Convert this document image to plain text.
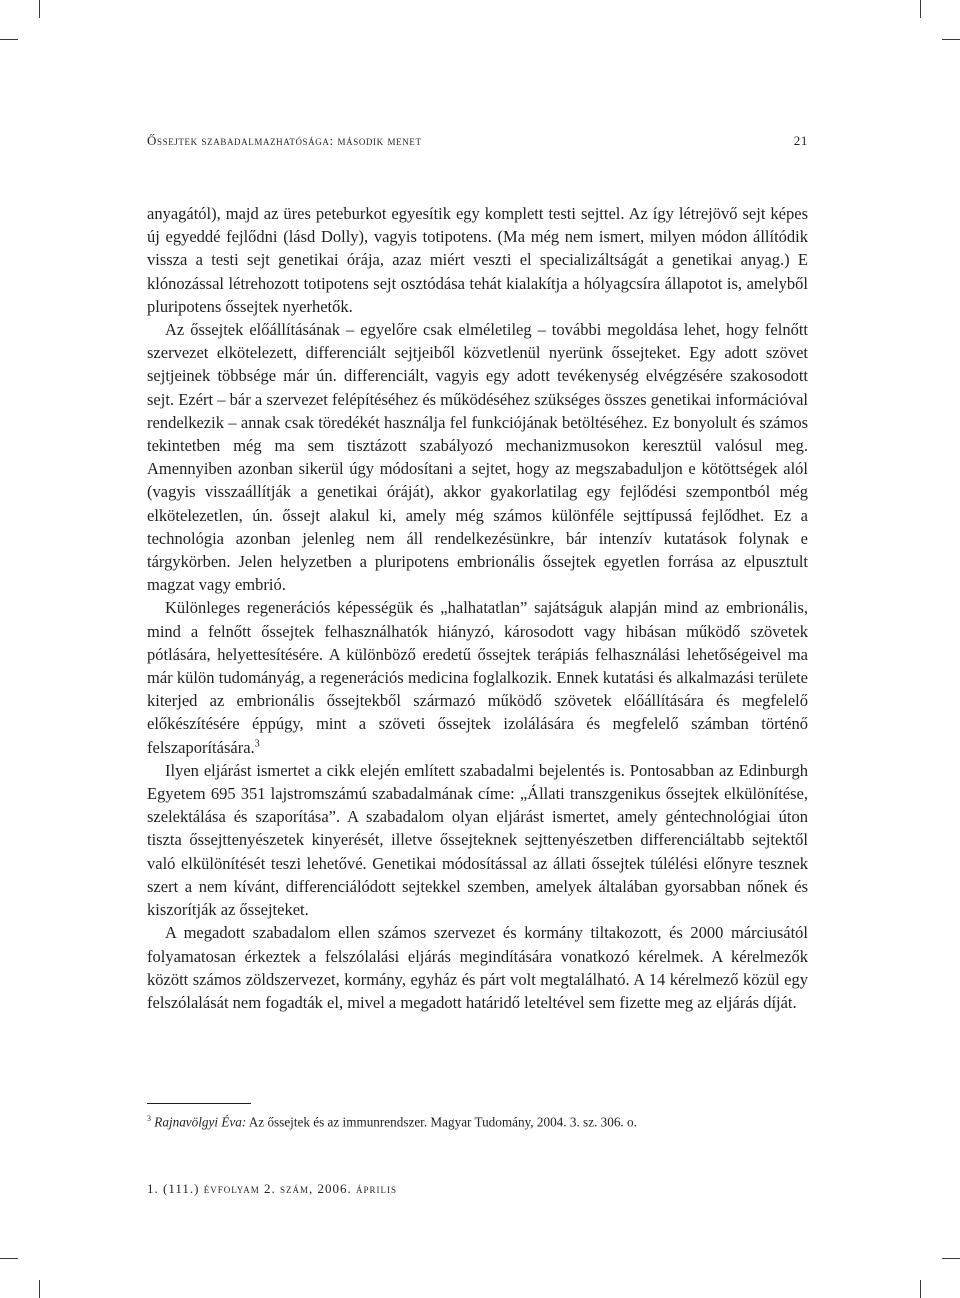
Őssejtek szabadalmazhatósága: második menet	21

anyagától), majd az üres peteburkot egyesítik egy komplett testi sejttel. Az így létrejövő sejt képes új egyeddé fejlődni (lásd Dolly), vagyis totipotens. (Ma még nem ismert, milyen módon állítódik vissza a testi sejt genetikai órája, azaz miért veszti el specializáltságát a genetikai anyag.) E klónozással létrehozott totipotens sejt osztódása tehát kialakítja a hólyagcsíra állapotot is, amelyből pluripotens őssejtek nyerhetők.

Az őssejtek előállításának – egyelőre csak elméletileg – további megoldása lehet, hogy felnőtt szervezet elkötelezett, differenciált sejtjeiből közvetlenül nyerünk őssejteket. Egy adott szövet sejtjeinek többsége már ún. differenciált, vagyis egy adott tevékenység elvégzésére szakosodott sejt. Ezért – bár a szervezet felépítéséhez és működéséhez szükséges összes genetikai információval rendelkezik – annak csak töredékét használja fel funkciójának betöltéséhez. Ez bonyolult és számos tekintetben még ma sem tisztázott szabályozó mechanizmusokon keresztül valósul meg. Amennyiben azonban sikerül úgy módosítani a sejtet, hogy az megszabaduljon e kötöttségek alól (vagyis visszaállítják a genetikai óráját), akkor gyakorlatilag egy fejlődési szempontból még elkötelezetlen, ún. őssejt alakul ki, amely még számos különféle sejttípussá fejlődhet. Ez a technológia azonban jelenleg nem áll rendelkezésünkre, bár intenzív kutatások folynak e tárgykörben. Jelen helyzetben a pluripotens embrionális őssejtek egyetlen forrása az elpusztult magzat vagy embrió.

Különleges regenerációs képességük és „halhatatlan” sajátságuk alapján mind az embrionális, mind a felnőtt őssejtek felhasználhatók hiányzó, károsodott vagy hibásan működő szövetek pótlására, helyettesítésére. A különböző eredetű őssejtek terápiás felhasználási lehetőségeivel ma már külön tudományág, a regenerációs medicina foglalkozik. Ennek kutatási és alkalmazási területe kiterjed az embrionális őssejtekből származó működő szövetek előállítására és megfelelő előkészítésére éppúgy, mint a szöveti őssejtek izolálására és megfelelő számban történő felszaporítására.$^3$

Ilyen eljárást ismertet a cikk elején említett szabadalmi bejelentés is. Pontosabban az Edinburgh Egyetem 695 351 lajstromszámú szabadalmának címe: „Állati transzgenikus őssejtek elkülönítése, szelektálása és szaporítása”. A szabadalom olyan eljárást ismertet, amely géntechnológiai úton tiszta őssejttenyészetek kinyerését, illetve őssejteknek sejttenyészetben differenciáltabb sejtektől való elkülönítését teszi lehetővé. Genetikai módosítással az állati őssejtek túlélési előnyre tesznek szert a nem kívánt, differenciálódott sejtekkel szemben, amelyek általában gyorsabban nőnek és kiszorítják az őssejteket.

A megadott szabadalom ellen számos szervezet és kormány tiltakozott, és 2000 márciusától folyamatosan érkeztek a felszólalási eljárás megindítására vonatkozó kérelmek. A kérelmezők között számos zöldszervezet, kormány, egyház és párt volt megtalálható. A 14 kérelmező közül egy felszólalását nem fogadták el, mivel a megadott határidő leteltével sem fizette meg az eljárás díját.

$^3$ Rajnavölgyi Éva: Az őssejtek és az immunrendszer. Magyar Tudomány, 2004. 3. sz. 306. o.
1. (111.) évfolyam 2. szám, 2006. április
